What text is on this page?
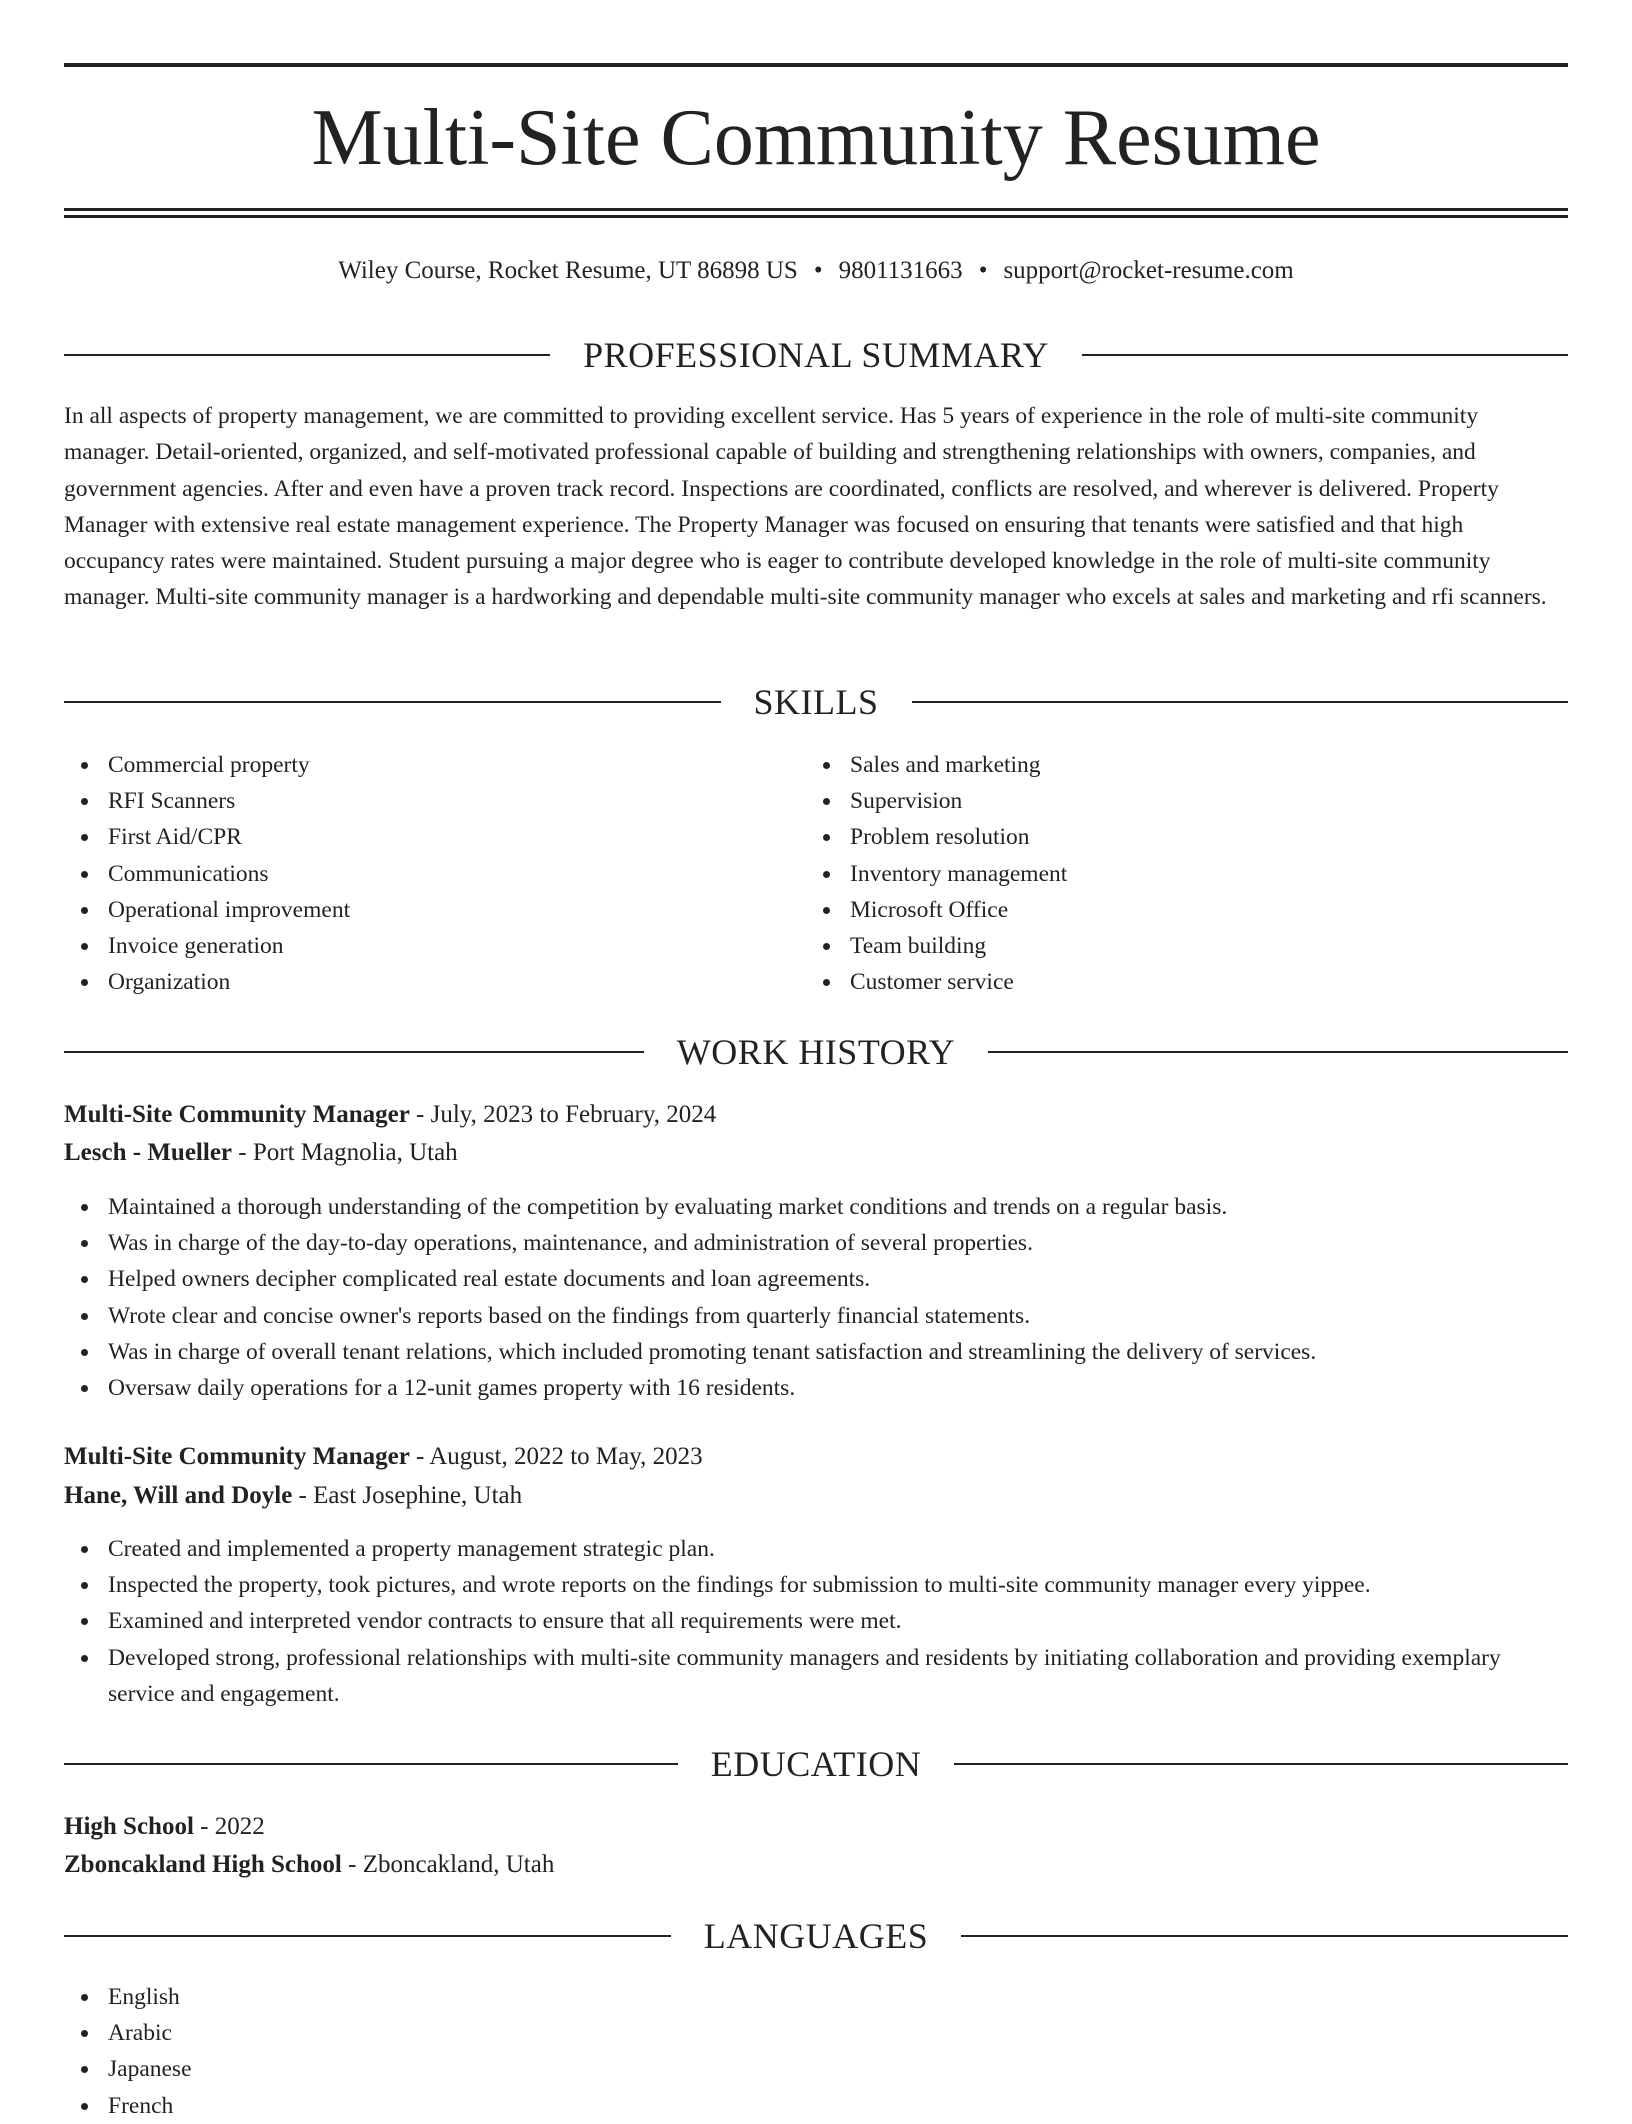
Multi-Site Community Resume
Wiley Course, Rocket Resume, UT 86898 US • 9801131663 • support@rocket-resume.com
PROFESSIONAL SUMMARY

In all aspects of property management, we are committed to providing excellent service. Has 5 years of experience in the role of multi-site community manager. Detail-oriented, organized, and self-motivated professional capable of building and strengthening relationships with owners, companies, and government agencies. After and even have a proven track record. Inspections are coordinated, conflicts are resolved, and wherever is delivered. Property Manager with extensive real estate management experience. The Property Manager was focused on ensuring that tenants were satisfied and that high occupancy rates were maintained. Student pursuing a major degree who is eager to contribute developed knowledge in the role of multi-site community manager. Multi-site community manager is a hardworking and dependable multi-site community manager who excels at sales and marketing and rfi scanners.

SKILLS
Commercial property
RFI Scanners
First Aid/CPR
Communications
Operational improvement
Invoice generation
Organization
Sales and marketing
Supervision
Problem resolution
Inventory management
Microsoft Office
Team building
Customer service
WORK HISTORY
Multi-Site Community Manager - July, 2023 to February, 2024
Lesch - Mueller - Port Magnolia, Utah
Maintained a thorough understanding of the competition by evaluating market conditions and trends on a regular basis.
Was in charge of the day-to-day operations, maintenance, and administration of several properties.
Helped owners decipher complicated real estate documents and loan agreements.
Wrote clear and concise owner's reports based on the findings from quarterly financial statements.
Was in charge of overall tenant relations, which included promoting tenant satisfaction and streamlining the delivery of services.
Oversaw daily operations for a 12-unit games property with 16 residents.
Multi-Site Community Manager - August, 2022 to May, 2023
Hane, Will and Doyle - East Josephine, Utah
Created and implemented a property management strategic plan.
Inspected the property, took pictures, and wrote reports on the findings for submission to multi-site community manager every yippee.
Examined and interpreted vendor contracts to ensure that all requirements were met.
Developed strong, professional relationships with multi-site community managers and residents by initiating collaboration and providing exemplary service and engagement.
EDUCATION
High School - 2022
Zboncakland High School - Zboncakland, Utah
LANGUAGES
English
Arabic
Japanese
French
